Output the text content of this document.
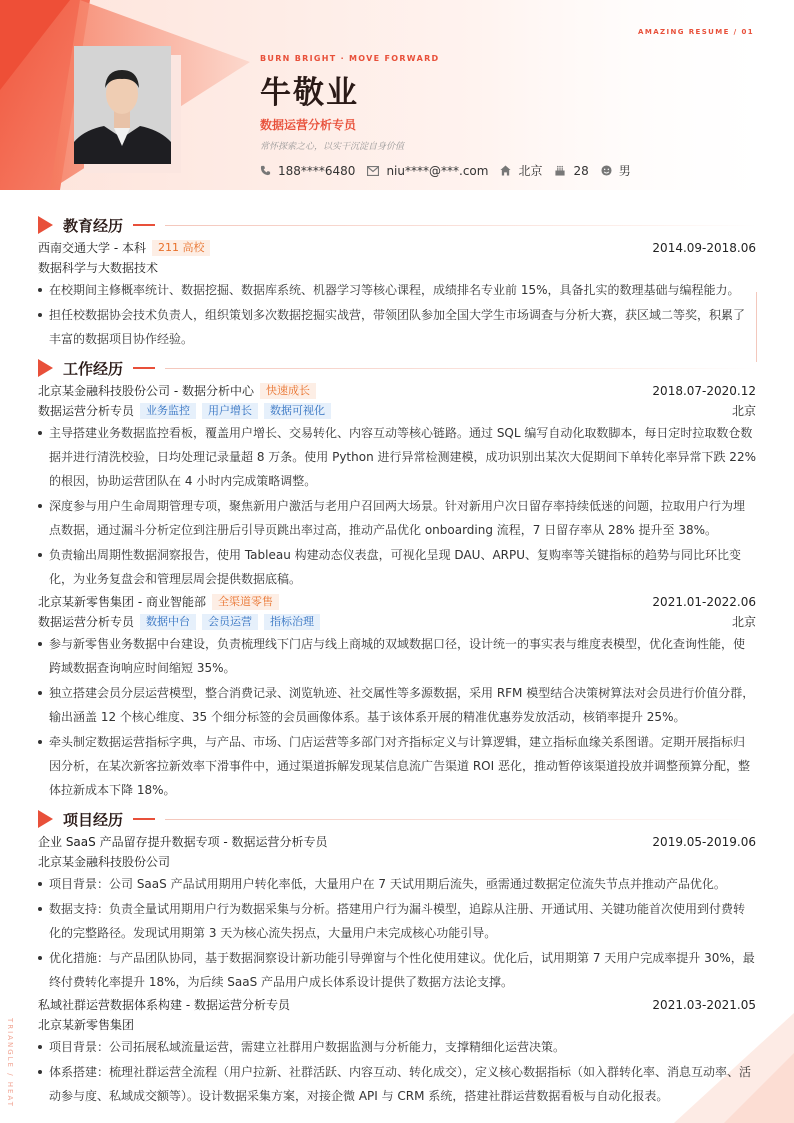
AMAZING RESUME / 01
TRIANGLE / HEAT
BURN BRIGHT · MOVE FORWARD
牛敬业
数据运营分析专员
常怀探索之心，以实干沉淀自身价值
188****6480	niu****@***.com	北京	28	男
教育经历
西南交通大学 - 本科	211 高校	2014.09-2018.06
数据科学与大数据技术
在校期间主修概率统计、数据挖掘、数据库系统、机器学习等核心课程，成绩排名专业前 15%，具备扎实的数理基础与编程能力。
担任校数据协会技术负责人，组织策划多次数据挖掘实战营，带领团队参加全国大学生市场调查与分析大赛，获区域二等奖，积累了丰富的数据项目协作经验。
工作经历
北京某金融科技股份公司 - 数据分析中心	快速成长	2018.07-2020.12
数据运营分析专员	业务监控	用户增长	数据可视化	北京
主导搭建业务数据监控看板，覆盖用户增长、交易转化、内容互动等核心链路。通过 SQL 编写自动化取数脚本，每日定时拉取数仓数据并进行清洗校验，日均处理记录量超 8 万条。使用 Python 进行异常检测建模，成功识别出某次大促期间下单转化率异常下跌 22% 的根因，协助运营团队在 4 小时内完成策略调整。
深度参与用户生命周期管理专项，聚焦新用户激活与老用户召回两大场景。针对新用户次日留存率持续低迷的问题，拉取用户行为埋点数据，通过漏斗分析定位到注册后引导页跳出率过高，推动产品优化 onboarding 流程，7 日留存率从 28% 提升至 38%。
负责输出周期性数据洞察报告，使用 Tableau 构建动态仪表盘，可视化呈现 DAU、ARPU、复购率等关键指标的趋势与同比环比变化，为业务复盘会和管理层周会提供数据底稿。
北京某新零售集团 - 商业智能部	全渠道零售	2021.01-2022.06
数据运营分析专员	数据中台	会员运营	指标治理	北京
参与新零售业务数据中台建设，负责梳理线下门店与线上商城的双域数据口径，设计统一的事实表与维度表模型，优化查询性能，使跨域数据查询响应时间缩短 35%。
独立搭建会员分层运营模型，整合消费记录、浏览轨迹、社交属性等多源数据，采用 RFM 模型结合决策树算法对会员进行价值分群，输出涵盖 12 个核心维度、35 个细分标签的会员画像体系。基于该体系开展的精准优惠券发放活动，核销率提升 25%。
牵头制定数据运营指标字典，与产品、市场、门店运营等多部门对齐指标定义与计算逻辑，建立指标血缘关系图谱。定期开展指标归因分析，在某次新客拉新效率下滑事件中，通过渠道拆解发现某信息流广告渠道 ROI 恶化，推动暂停该渠道投放并调整预算分配，整体拉新成本下降 18%。
项目经历
企业 SaaS 产品留存提升数据专项 - 数据运营分析专员	2019.05-2019.06
北京某金融科技股份公司
项目背景：公司 SaaS 产品试用期用户转化率低，大量用户在 7 天试用期后流失，亟需通过数据定位流失节点并推动产品优化。
数据支持：负责全量试用期用户行为数据采集与分析。搭建用户行为漏斗模型，追踪从注册、开通试用、关键功能首次使用到付费转化的完整路径。发现试用期第 3 天为核心流失拐点，大量用户未完成核心功能引导。
优化措施：与产品团队协同，基于数据洞察设计新功能引导弹窗与个性化使用建议。优化后，试用期第 7 天用户完成率提升 30%，最终付费转化率提升 18%，为后续 SaaS 产品用户成长体系设计提供了数据方法论支撑。
私域社群运营数据体系构建 - 数据运营分析专员	2021.03-2021.05
北京某新零售集团
项目背景：公司拓展私域流量运营，需建立社群用户数据监测与分析能力，支撑精细化运营决策。
体系搭建：梳理社群运营全流程（用户拉新、社群活跃、内容互动、转化成交），定义核心数据指标（如入群转化率、消息互动率、活动参与度、私域成交额等）。设计数据采集方案，对接企微 API 与 CRM 系统，搭建社群运营数据看板与自动化报表。
